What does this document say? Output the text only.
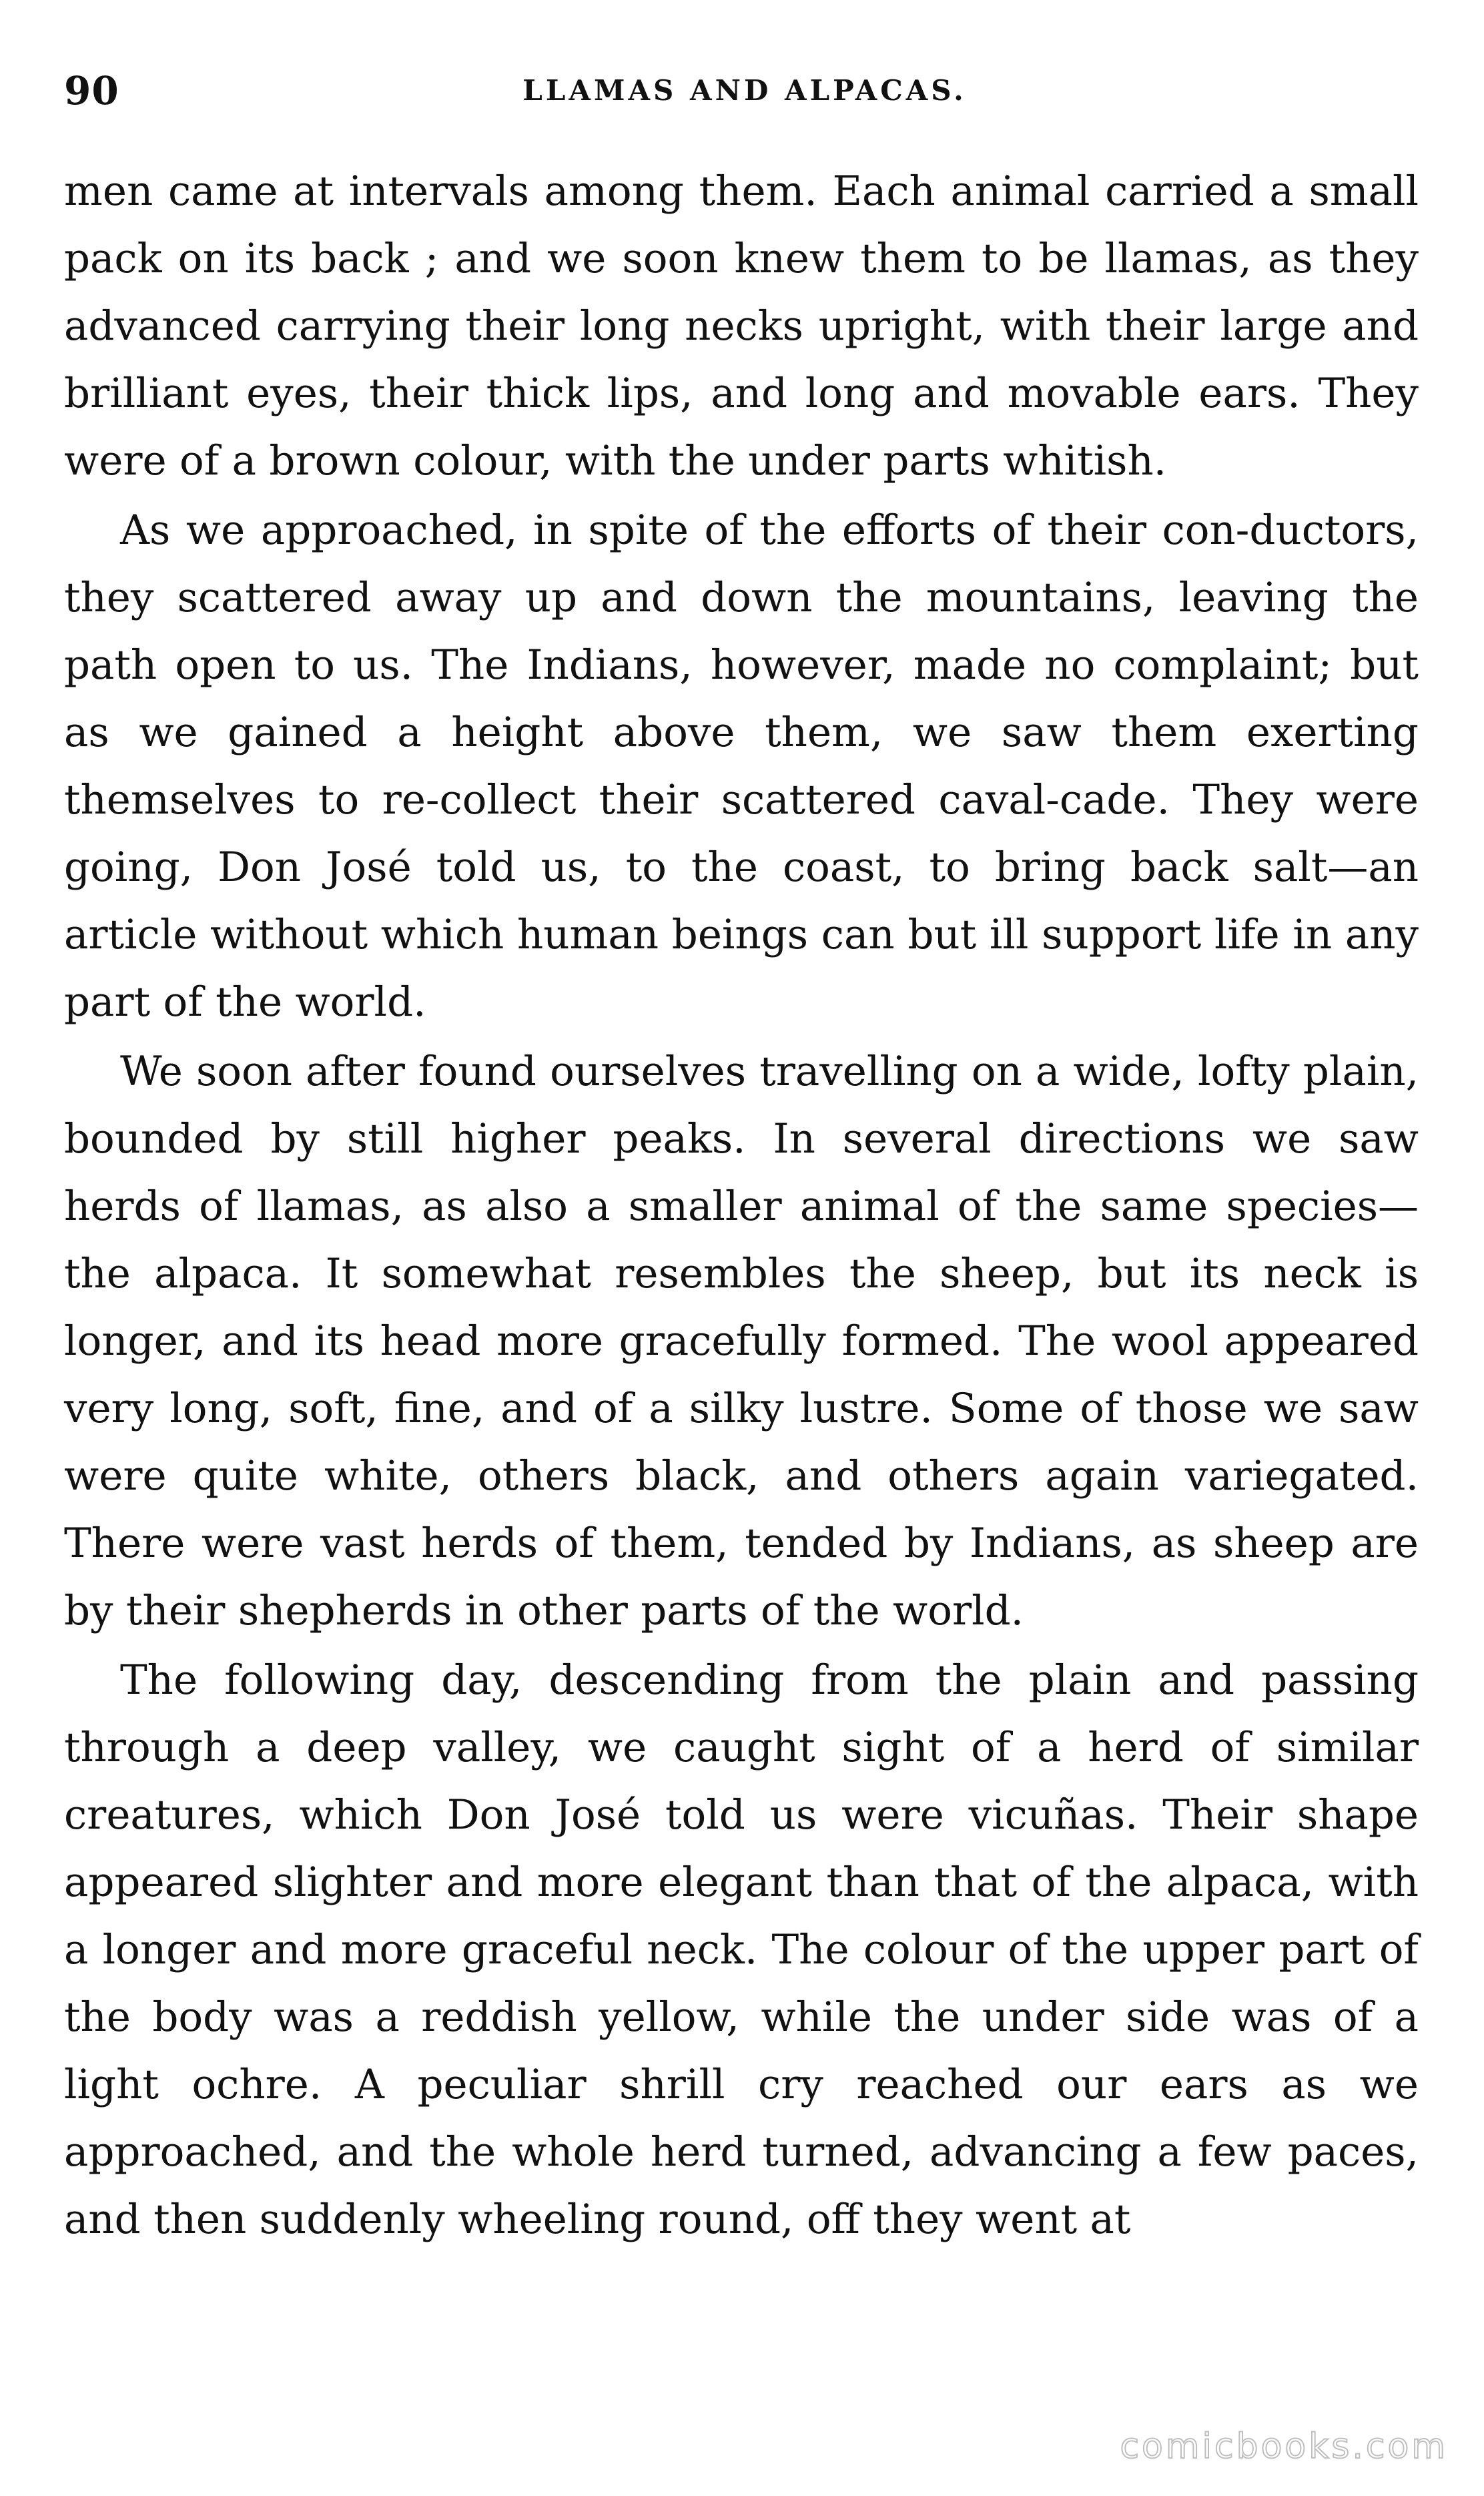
90	LLAMAS AND ALPACAS.

men came at intervals among them. Each animal carried a small pack on its back ; and we soon knew them to be llamas, as they advanced carrying their long necks upright, with their large and brilliant eyes, their thick lips, and long and movable ears. They were of a brown colour, with the under parts whitish.

As we approached, in spite of the efforts of their con-ductors, they scattered away up and down the mountains, leaving the path open to us. The Indians, however, made no complaint; but as we gained a height above them, we saw them exerting themselves to re-collect their scattered caval-cade. They were going, Don José told us, to the coast, to bring back salt—an article without which human beings can but ill support life in any part of the world.

We soon after found ourselves travelling on a wide, lofty plain, bounded by still higher peaks. In several directions we saw herds of llamas, as also a smaller animal of the same species—the alpaca. It somewhat resembles the sheep, but its neck is longer, and its head more gracefully formed. The wool appeared very long, soft, fine, and of a silky lustre. Some of those we saw were quite white, others black, and others again variegated. There were vast herds of them, tended by Indians, as sheep are by their shepherds in other parts of the world.

The following day, descending from the plain and passing through a deep valley, we caught sight of a herd of similar creatures, which Don José told us were vicuñas. Their shape appeared slighter and more elegant than that of the alpaca, with a longer and more graceful neck. The colour of the upper part of the body was a reddish yellow, while the under side was of a light ochre. A peculiar shrill cry reached our ears as we approached, and the whole herd turned, advancing a few paces, and then suddenly wheeling round, off they went at

comicbooks.com
